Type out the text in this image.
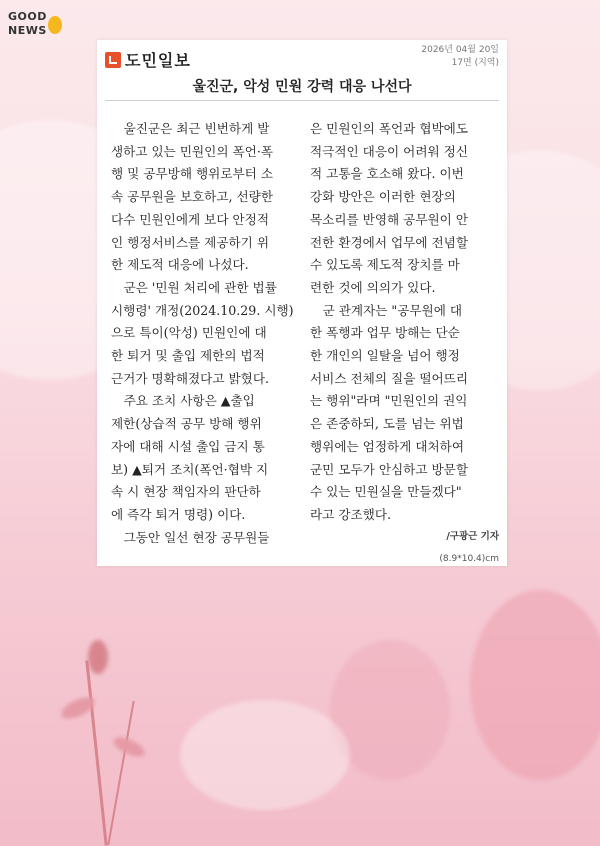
GOOD
NEWS
도민일보
2026년 04월 20일
17면 (지역)
울진군, 악성 민원 강력 대응 나선다
　울진군은 최근 빈번하게 발
생하고 있는 민원인의 폭언·폭
행 및 공무방해 행위로부터 소
속 공무원을 보호하고, 선량한
다수 민원인에게 보다 안정적
인 행정서비스를 제공하기 위
한 제도적 대응에 나섰다.
　군은 '민원 처리에 관한 법률
시행령' 개정(2024.10.29. 시행)
으로 특이(악성) 민원인에 대
한 퇴거 및 출입 제한의 법적
근거가 명확해졌다고 밝혔다.
　주요 조치 사항은 ▲출입
제한(상습적 공무 방해 행위
자에 대해 시설 출입 금지 통
보) ▲퇴거 조치(폭언·협박 지
속 시 현장 책임자의 판단하
에 즉각 퇴거 명령) 이다.
　그동안 일선 현장 공무원들
은 민원인의 폭언과 협박에도
적극적인 대응이 어려워 정신
적 고통을 호소해 왔다. 이번
강화 방안은 이러한 현장의
목소리를 반영해 공무원이 안
전한 환경에서 업무에 전념할
수 있도록 제도적 장치를 마
련한 것에 의의가 있다.
　군 관계자는 "공무원에 대
한 폭행과 업무 방해는 단순
한 개인의 일탈을 넘어 행정
서비스 전체의 질을 떨어뜨리
는 행위"라며 "민원인의 권익
은 존중하되, 도를 넘는 위법
행위에는 엄정하게 대처하여
군민 모두가 안심하고 방문할
수 있는 민원실을 만들겠다"
라고 강조했다.
/구광근 기자
(8.9*10.4)cm
